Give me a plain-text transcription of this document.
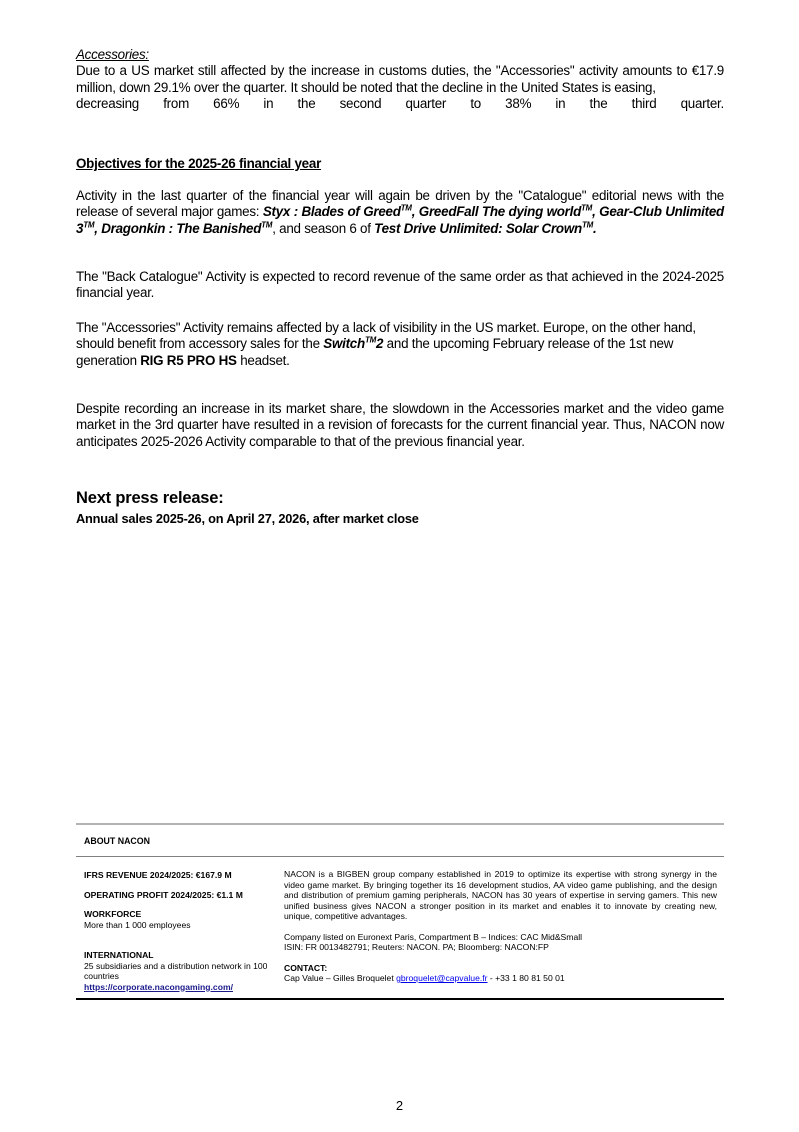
Accessories:
Due to a US market still affected by the increase in customs duties, the "Accessories" activity amounts to €17.9 million, down 29.1% over the quarter. It should be noted that the decline in the United States is easing,
decreasing from 66% in the second quarter to 38% in the third quarter.
Objectives for the 2025-26 financial year
Activity in the last quarter of the financial year will again be driven by the "Catalogue" editorial news with the release of several major games: Styx : Blades of Greed™, GreedFall The dying world™, Gear-Club Unlimited 3™, Dragonkin : The Banished™, and season 6 of Test Drive Unlimited: Solar Crown™.
The "Back Catalogue" Activity is expected to record revenue of the same order as that achieved in the 2024-2025 financial year.
The "Accessories" Activity remains affected by a lack of visibility in the US market. Europe, on the other hand, should benefit from accessory sales for the Switch™2 and the upcoming February release of the 1st new generation RIG R5 PRO HS headset.
Despite recording an increase in its market share, the slowdown in the Accessories market and the video game market in the 3rd quarter have resulted in a revision of forecasts for the current financial year. Thus, NACON now anticipates 2025-2026 Activity comparable to that of the previous financial year.
Next press release:
Annual sales 2025-26, on April 27, 2026, after market close
ABOUT NACON
IFRS REVENUE 2024/2025: €167.9 M
OPERATING PROFIT 2024/2025: €1.1 M
WORKFORCE
More than 1 000 employees
INTERNATIONAL
25 subsidiaries and a distribution network in 100 countries
https://corporate.nacongaming.com/
NACON is a BIGBEN group company established in 2019 to optimize its expertise with strong synergy in the video game market. By bringing together its 16 development studios, AA video game publishing, and the design and distribution of premium gaming peripherals, NACON has 30 years of expertise in serving gamers. This new unified business gives NACON a stronger position in its market and enables it to innovate by creating new, unique, competitive advantages.
Company listed on Euronext Paris, Compartment B – Indices: CAC Mid&Small
ISIN: FR 0013482791; Reuters: NACON. PA; Bloomberg: NACON:FP
CONTACT:
Cap Value – Gilles Broquelet gbroquelet@capvalue.fr - +33 1 80 81 50 01
2
